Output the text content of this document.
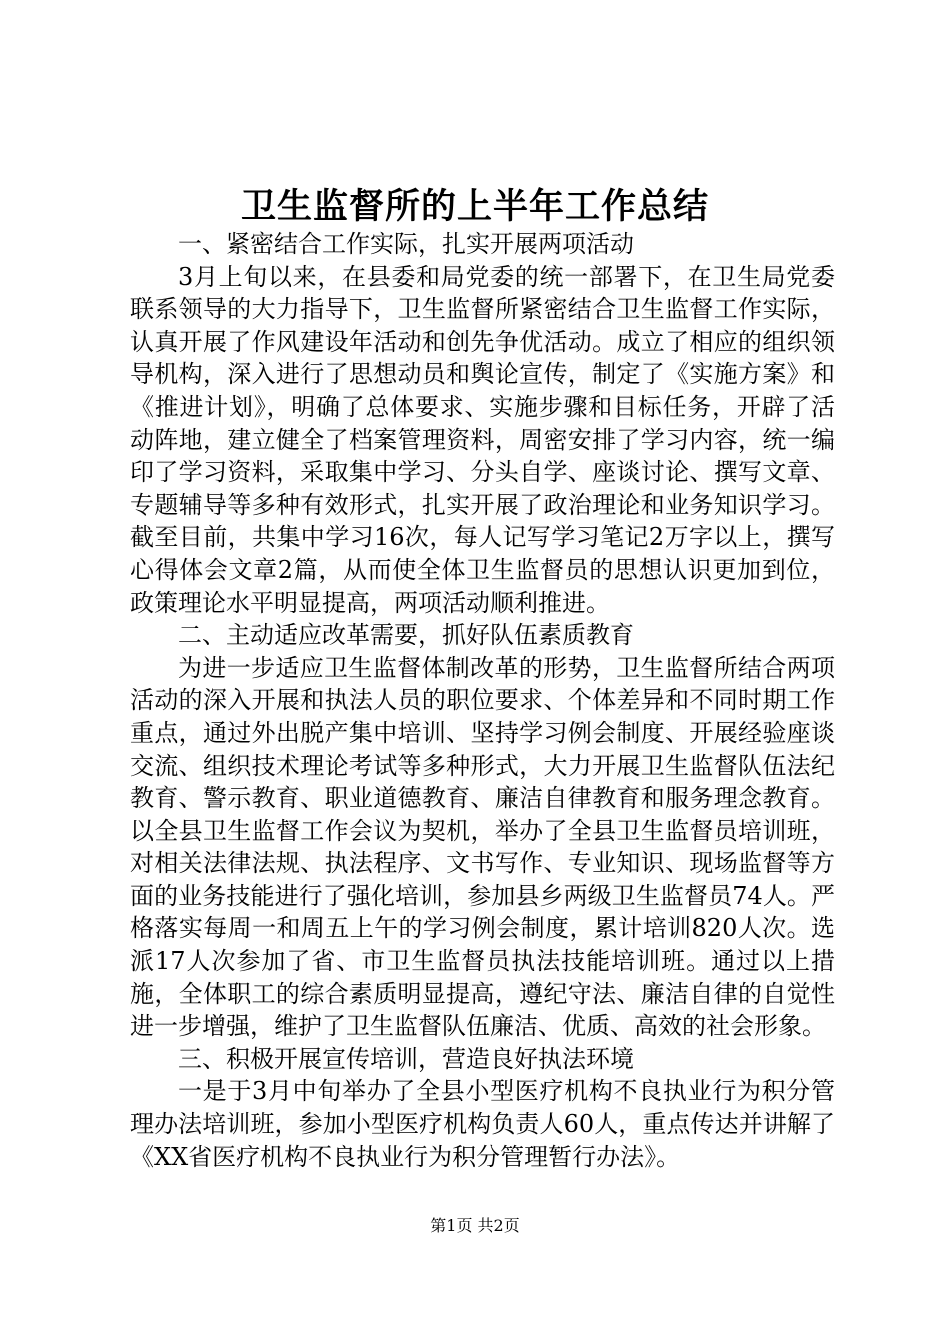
卫生监督所的上半年工作总结

一、紧密结合工作实际，扎实开展两项活动

3月上旬以来，在县委和局党委的统一部署下，在卫生局党委联系领导的大力指导下，卫生监督所紧密结合卫生监督工作实际，认真开展了作风建设年活动和创先争优活动。成立了相应的组织领导机构，深入进行了思想动员和舆论宣传，制定了《实施方案》和《推进计划》，明确了总体要求、实施步骤和目标任务，开辟了活动阵地，建立健全了档案管理资料，周密安排了学习内容，统一编印了学习资料，采取集中学习、分头自学、座谈讨论、撰写文章、专题辅导等多种有效形式，扎实开展了政治理论和业务知识学习。截至目前，共集中学习16次，每人记写学习笔记2万字以上，撰写心得体会文章2篇，从而使全体卫生监督员的思想认识更加到位，政策理论水平明显提高，两项活动顺利推进。

二、主动适应改革需要，抓好队伍素质教育

为进一步适应卫生监督体制改革的形势，卫生监督所结合两项活动的深入开展和执法人员的职位要求、个体差异和不同时期工作重点，通过外出脱产集中培训、坚持学习例会制度、开展经验座谈交流、组织技术理论考试等多种形式，大力开展卫生监督队伍法纪教育、警示教育、职业道德教育、廉洁自律教育和服务理念教育。以全县卫生监督工作会议为契机，举办了全县卫生监督员培训班，对相关法律法规、执法程序、文书写作、专业知识、现场监督等方面的业务技能进行了强化培训，参加县乡两级卫生监督员74人。严格落实每周一和周五上午的学习例会制度，累计培训820人次。选派17人次参加了省、市卫生监督员执法技能培训班。通过以上措施，全体职工的综合素质明显提高，遵纪守法、廉洁自律的自觉性进一步增强，维护了卫生监督队伍廉洁、优质、高效的社会形象。

三、积极开展宣传培训，营造良好执法环境

一是于3月中旬举办了全县小型医疗机构不良执业行为积分管理办法培训班，参加小型医疗机构负责人60人，重点传达并讲解了《XX省医疗机构不良执业行为积分管理暂行办法》。

第1页 共2页
